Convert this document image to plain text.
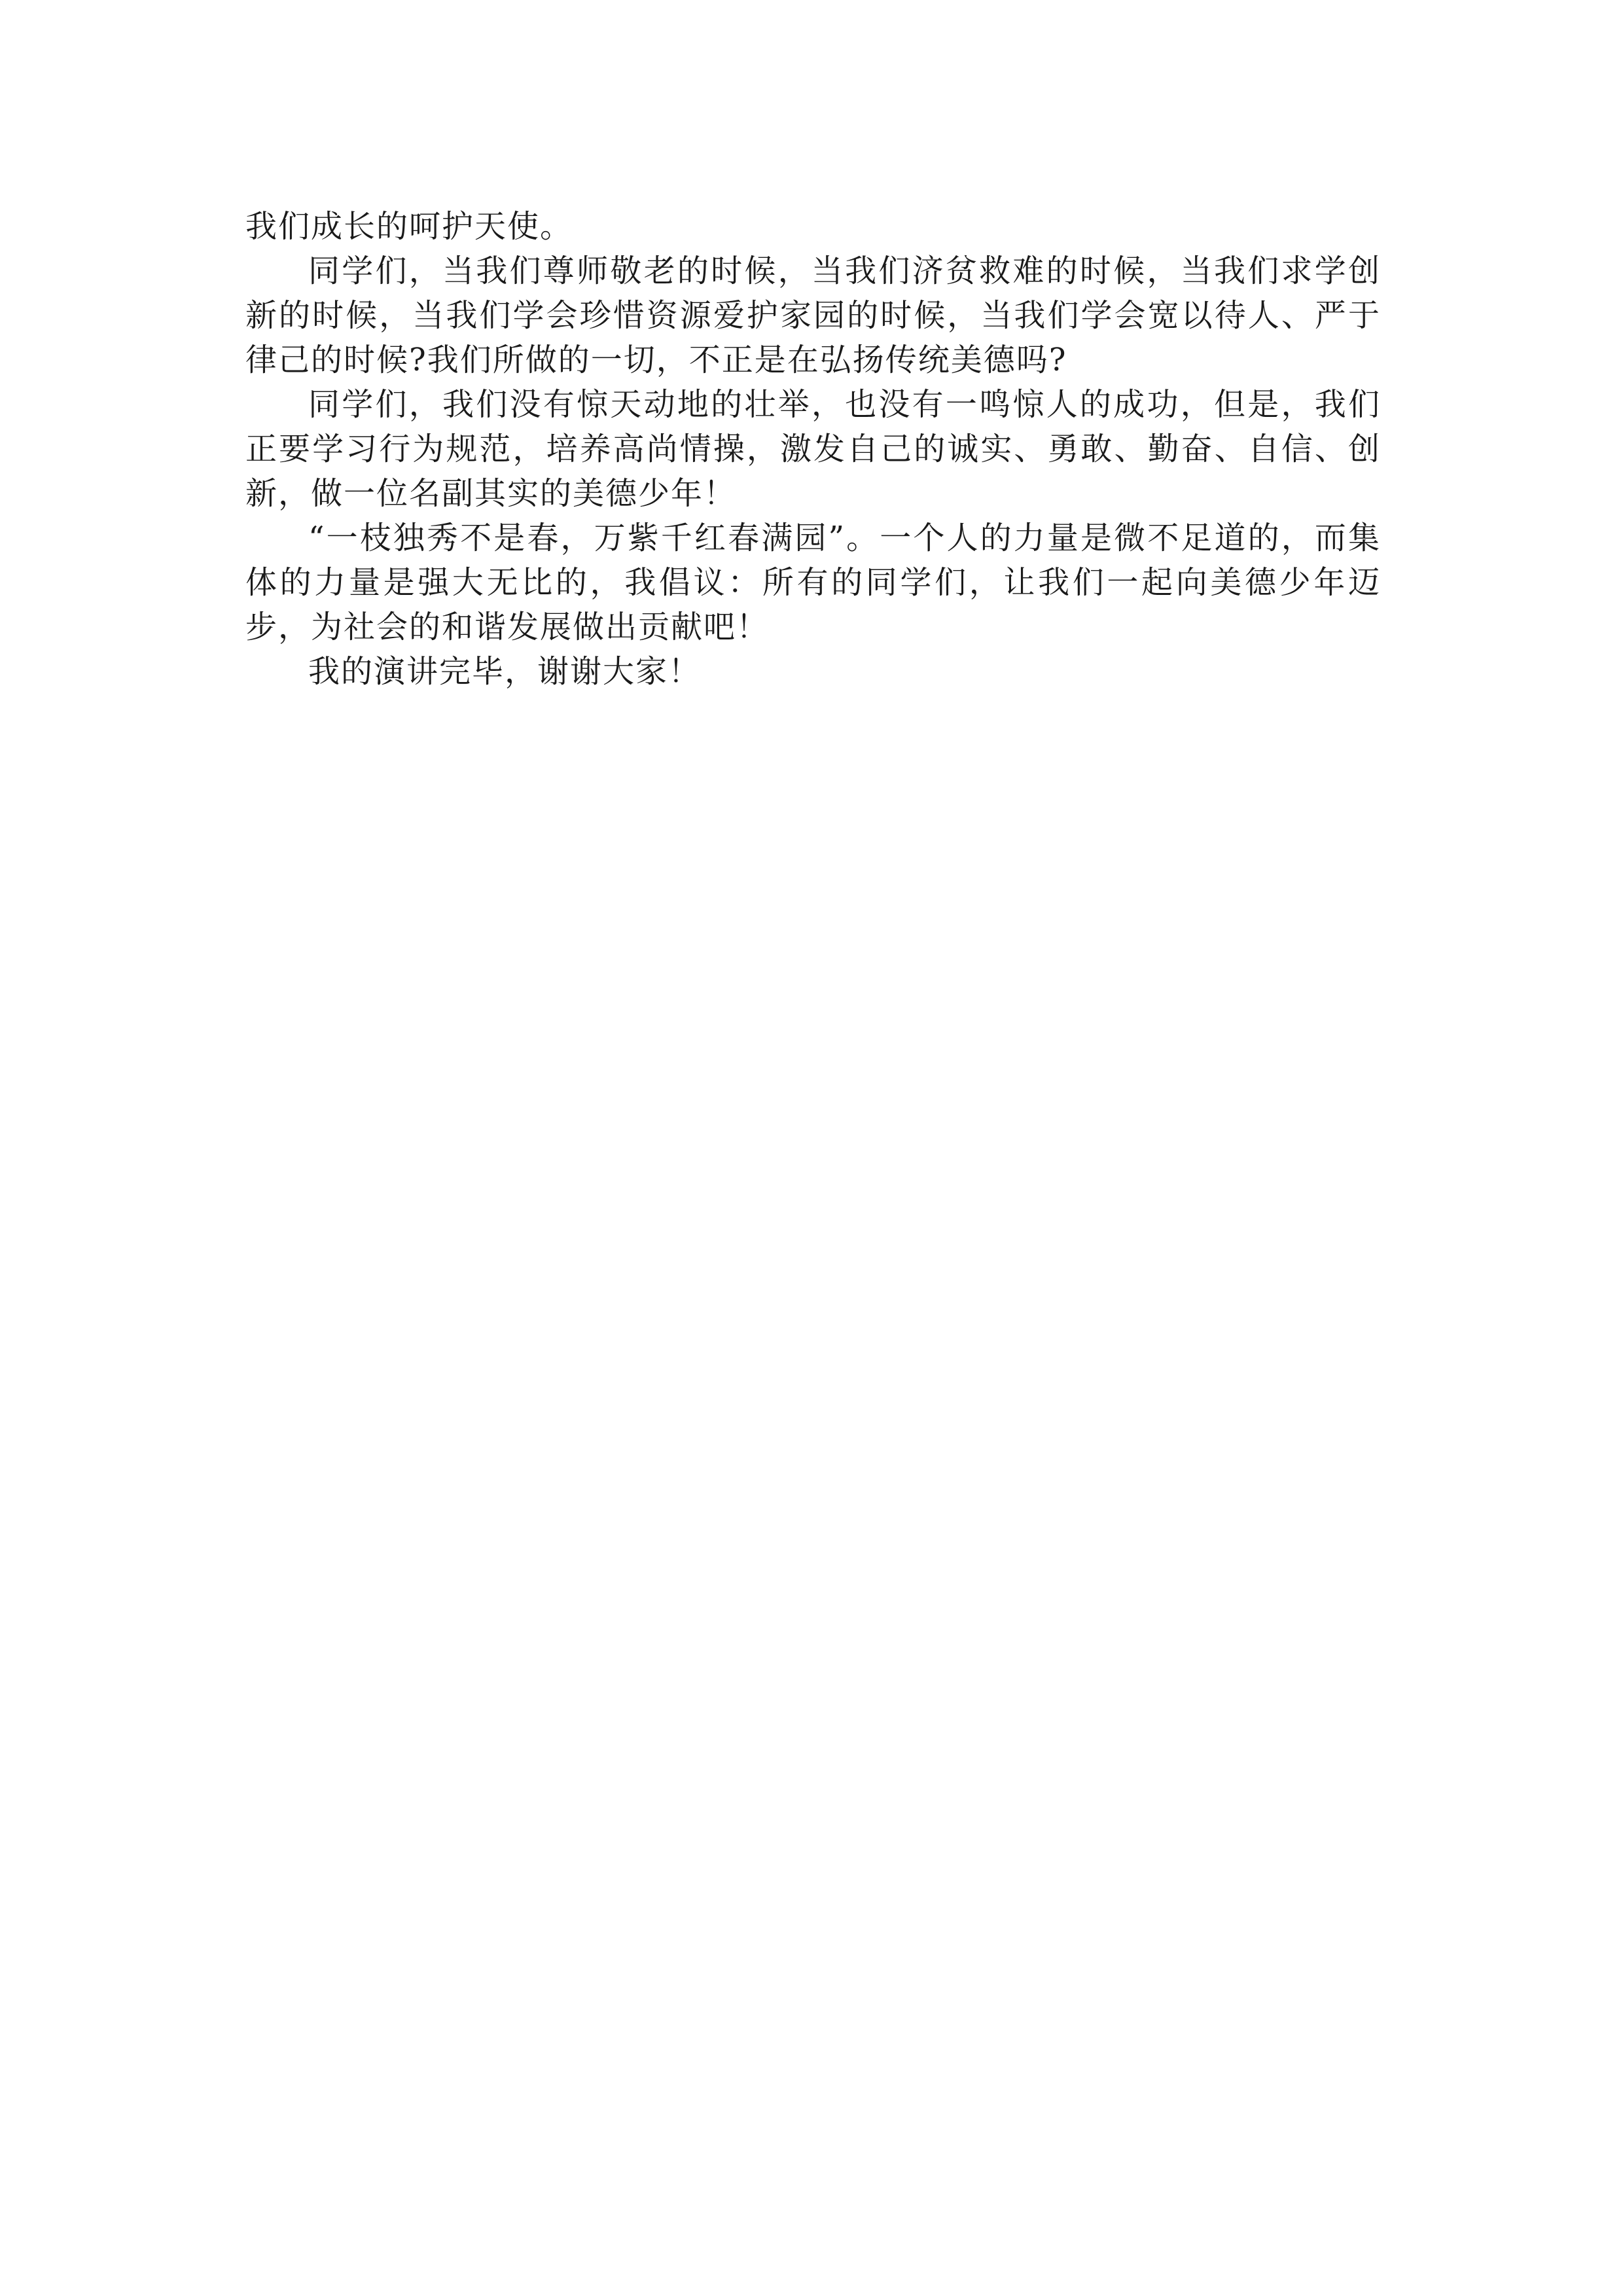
我们成长的呵护天使。

同学们，当我们尊师敬老的时候，当我们济贫救难的时候，当我们求学创新的时候，当我们学会珍惜资源爱护家园的时候，当我们学会宽以待人、严于律己的时候?我们所做的一切，不正是在弘扬传统美德吗?

同学们，我们没有惊天动地的壮举，也没有一鸣惊人的成功，但是，我们正要学习行为规范，培养高尚情操，激发自己的诚实、勇敢、勤奋、自信、创新，做一位名副其实的美德少年！

“一枝独秀不是春，万紫千红春满园”。一个人的力量是微不足道的，而集体的力量是强大无比的，我倡议：所有的同学们，让我们一起向美德少年迈步，为社会的和谐发展做出贡献吧！

我的演讲完毕，谢谢大家！
